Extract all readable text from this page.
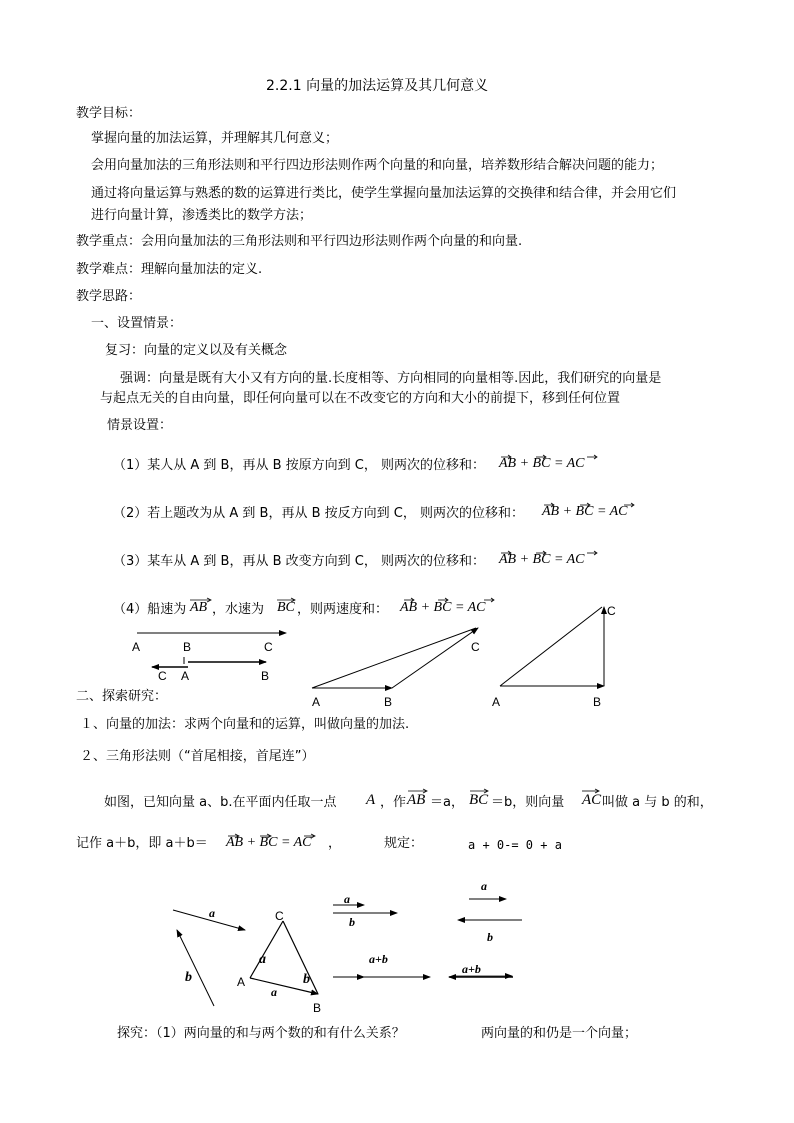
2.2.1 向量的加法运算及其几何意义
教学目标：
掌握向量的加法运算，并理解其几何意义；
会用向量加法的三角形法则和平行四边形法则作两个向量的和向量，培养数形结合解决问题的能力；
通过将向量运算与熟悉的数的运算进行类比，使学生掌握向量加法运算的交换律和结合律，并会用它们
进行向量计算，渗透类比的数学方法；
教学重点：会用向量加法的三角形法则和平行四边形法则作两个向量的和向量.
教学难点：理解向量加法的定义.
教学思路：
一、设置情景：
复习：向量的定义以及有关概念
强调：向量是既有大小又有方向的量.长度相等、方向相同的向量相等.因此，我们研究的向量是
与起点无关的自由向量，即任何向量可以在不改变它的方向和大小的前提下，移到任何位置
情景设置：
（1）某人从 A 到 B，再从 B 按原方向到 C， 则两次的位移和： AB + BC = AC
（2）若上题改为从 A 到 B，再从 B 按反方向到 C， 则两次的位移和： AB + BC = AC
（3）某车从 A 到 B，再从 B 改变方向到 C， 则两次的位移和： AB + BC = AC
（4）船速为 AB ，水速为 BC ，则两速度和： AB + BC = AC
A	B	C
C A	B
A	B
C
A	B
C
二、探索研究：
１、向量的加法：求两个向量和的运算，叫做向量的加法.
２、三角形法则（“首尾相接，首尾连”）
如图，已知向量 a、b.在平面内任取一点 A ，作 AB ＝a， BC ＝b，则向量 AC 叫做 a 与 b 的和，
记作 a＋b，即 a＋b＝ AB + BC = AC ，	规定：	a + 0-= 0 + a
a
b
C
a
b
A
a
B
a
b
a+b
a
b
a+b
探究：（1）两向量的和与两个数的和有什么关系？	两向量的和仍是一个向量；
